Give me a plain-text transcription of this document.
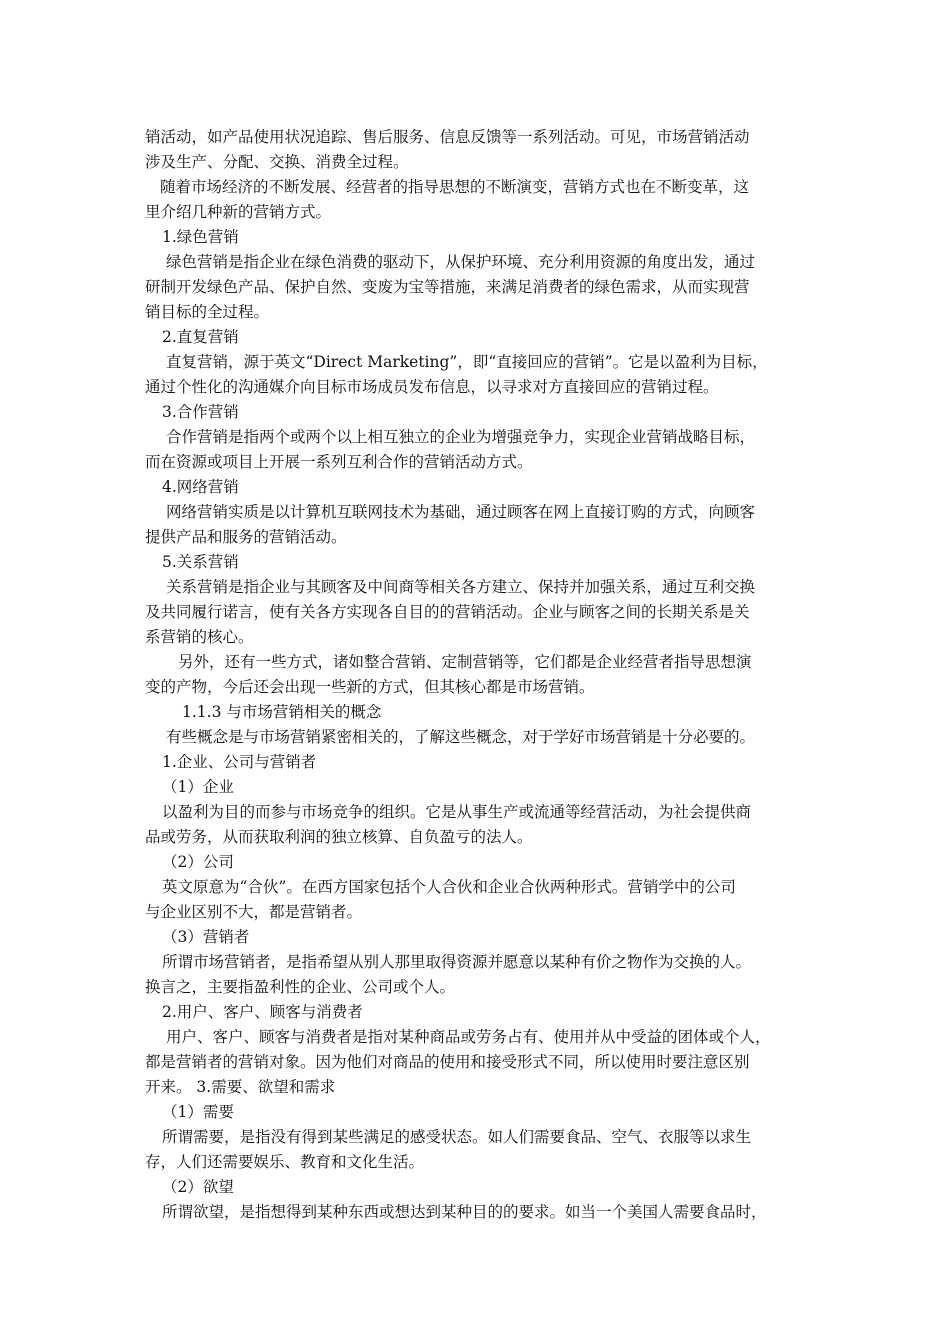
销活动，如产品使用状况追踪、售后服务、信息反馈等一系列活动。可见，市场营销活动
涉及生产、分配、交换、消费全过程。
随着市场经济的不断发展、经营者的指导思想的不断演变，营销方式也在不断变革，这
里介绍几种新的营销方式。
1.绿色营销
绿色营销是指企业在绿色消费的驱动下，从保护环境、充分利用资源的角度出发，通过
研制开发绿色产品、保护自然、变废为宝等措施，来满足消费者的绿色需求，从而实现营
销目标的全过程。
2.直复营销
直复营销，源于英文“Direct Marketing”，即“直接回应的营销”。它是以盈利为目标，
通过个性化的沟通媒介向目标市场成员发布信息，以寻求对方直接回应的营销过程。
3.合作营销
合作营销是指两个或两个以上相互独立的企业为增强竞争力，实现企业营销战略目标，
而在资源或项目上开展一系列互利合作的营销活动方式。
4.网络营销
网络营销实质是以计算机互联网技术为基础，通过顾客在网上直接订购的方式，向顾客
提供产品和服务的营销活动。
5.关系营销
关系营销是指企业与其顾客及中间商等相关各方建立、保持并加强关系，通过互利交换
及共同履行诺言，使有关各方实现各自目的的营销活动。企业与顾客之间的长期关系是关
系营销的核心。
另外，还有一些方式，诸如整合营销、定制营销等，它们都是企业经营者指导思想演
变的产物，今后还会出现一些新的方式，但其核心都是市场营销。
1.1.3 与市场营销相关的概念
有些概念是与市场营销紧密相关的，了解这些概念，对于学好市场营销是十分必要的。
1.企业、公司与营销者
（1）企业
以盈利为目的而参与市场竞争的组织。它是从事生产或流通等经营活动，为社会提供商
品或劳务，从而获取利润的独立核算、自负盈亏的法人。
（2）公司
英文原意为“合伙”。在西方国家包括个人合伙和企业合伙两种形式。营销学中的公司
与企业区别不大，都是营销者。
（3）营销者
所谓市场营销者，是指希望从别人那里取得资源并愿意以某种有价之物作为交换的人。
换言之，主要指盈利性的企业、公司或个人。
2.用户、客户、顾客与消费者
用户、客户、顾客与消费者是指对某种商品或劳务占有、使用并从中受益的团体或个人，
都是营销者的营销对象。因为他们对商品的使用和接受形式不同，所以使用时要注意区别
开来。 3.需要、欲望和需求
（1）需要
所谓需要，是指没有得到某些满足的感受状态。如人们需要食品、空气、衣服等以求生
存，人们还需要娱乐、教育和文化生活。
（2）欲望
所谓欲望，是指想得到某种东西或想达到某种目的的要求。如当一个美国人需要食品时，
